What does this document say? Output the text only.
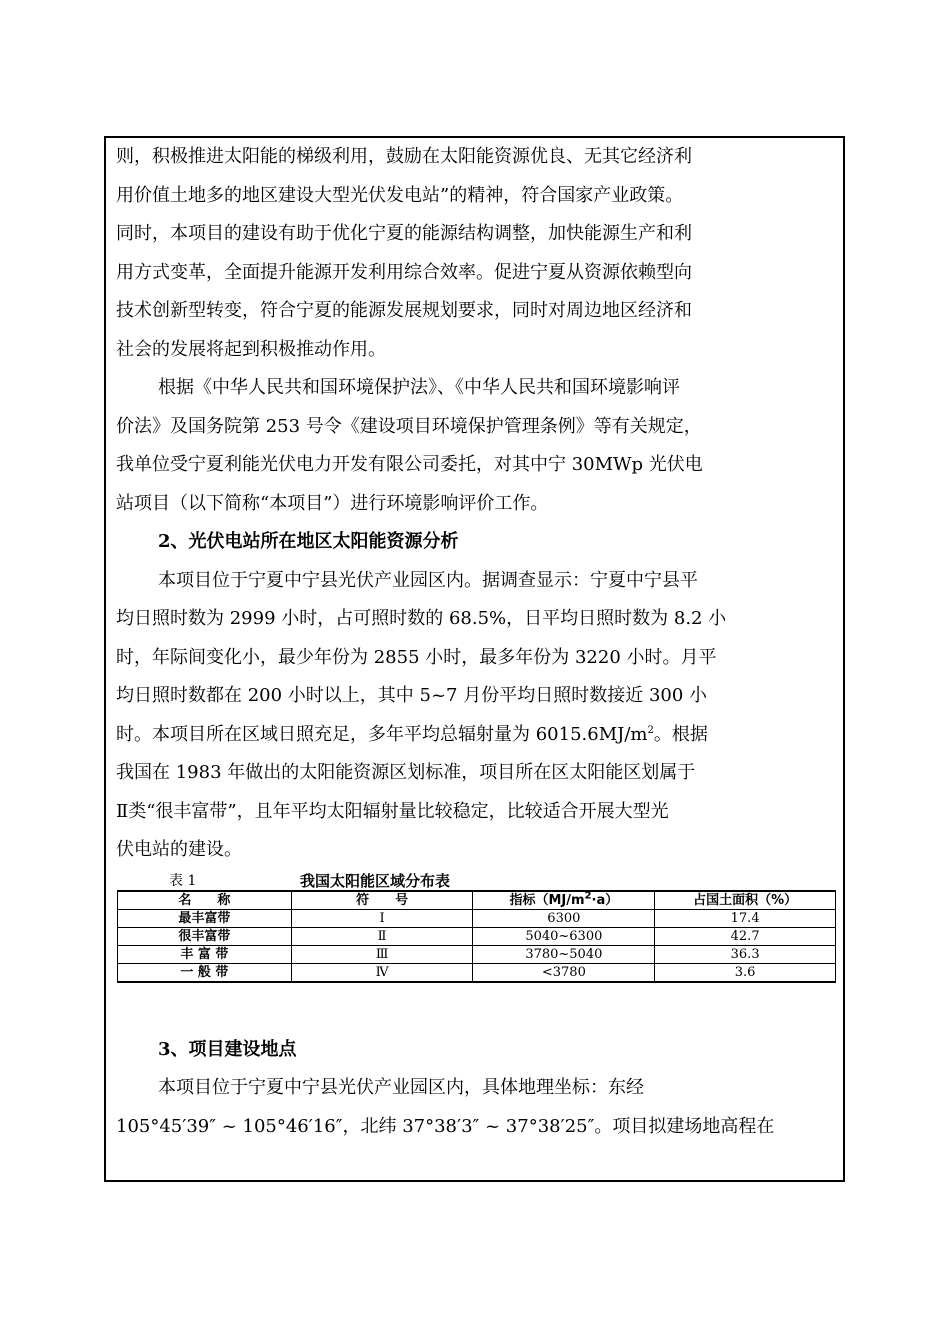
则，积极推进太阳能的梯级利用，鼓励在太阳能资源优良、无其它经济利
用价值土地多的地区建设大型光伏发电站”的精神，符合国家产业政策。
同时，本项目的建设有助于优化宁夏的能源结构调整，加快能源生产和利
用方式变革，全面提升能源开发利用综合效率。促进宁夏从资源依赖型向
技术创新型转变，符合宁夏的能源发展规划要求，同时对周边地区经济和
社会的发展将起到积极推动作用。
根据《中华人民共和国环境保护法》、《中华人民共和国环境影响评
价法》及国务院第 253 号令《建设项目环境保护管理条例》等有关规定，
我单位受宁夏利能光伏电力开发有限公司委托，对其中宁 30MWp 光伏电
站项目（以下简称“本项目”）进行环境影响评价工作。
2、光伏电站所在地区太阳能资源分析
本项目位于宁夏中宁县光伏产业园区内。据调查显示：宁夏中宁县平
均日照时数为 2999 小时，占可照时数的 68.5%，日平均日照时数为 8.2 小
时，年际间变化小，最少年份为 2855 小时，最多年份为 3220 小时。月平
均日照时数都在 200 小时以上，其中 5~7 月份平均日照时数接近 300 小
时。本项目所在区域日照充足，多年平均总辐射量为 $6015.6MJ/m^2$。根据
我国在 1983 年做出的太阳能资源区划标准，项目所在区太阳能区划属于
Ⅱ类“很丰富带”，且年平均太阳辐射量比较稳定，比较适合开展大型光
伏电站的建设。
表 1	我国太阳能区域分布表
名　　称	符　　号	指标$(MJ/m^2\cdot a)$	占国土面积（%）
最丰富带	Ⅰ	6300	17.4
很丰富带	Ⅱ	5040~6300	42.7
丰 富 带	Ⅲ	3780~5040	36.3
一 般 带	Ⅳ	<3780	3.6
3、项目建设地点
本项目位于宁夏中宁县光伏产业园区内，具体地理坐标：东经
105°45′39″ ~ 105°46′16″，北纬 37°38′3″ ~ 37°38′25″。项目拟建场地高程在
